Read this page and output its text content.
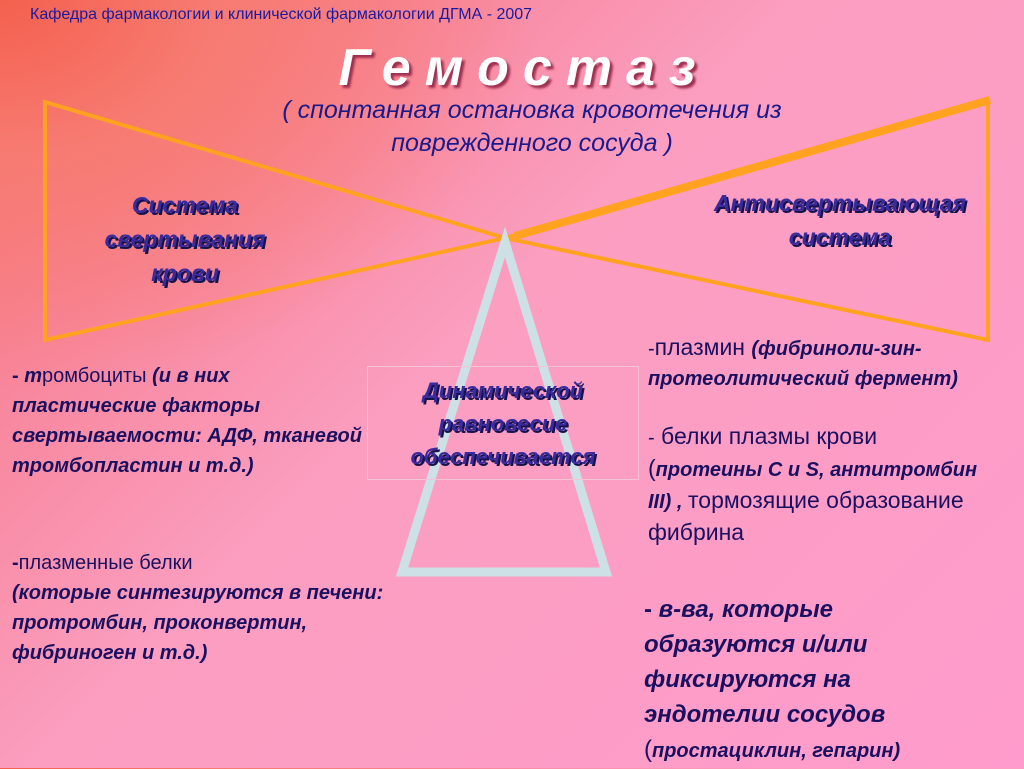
Кафедра фармакологии и клинической фармакологии ДГМА - 2007
Гемостаз
( спонтанная остановка кровотечения из поврежденного сосуда )
Система
свертывания
крови
Антисвертывающая
система
Динамической
равновесие
обеспечивается
- тромбоциты (и в них пластические факторы свертываемости: АДФ, тканевой тромбопластин и т.д.)
-плазменные белки
(которые синтезируются в печени: протромбин, проконвертин, фибриноген и т.д.)
-плазмин (фибриноли-зин- протеолитический фермент)
- белки плазмы крови
(протеины С и S, антитромбин III) , тормозящие образование фибрина
- в-ва, которые образуются и/или фиксируются на эндотелии сосудов
(простациклин, гепарин)
